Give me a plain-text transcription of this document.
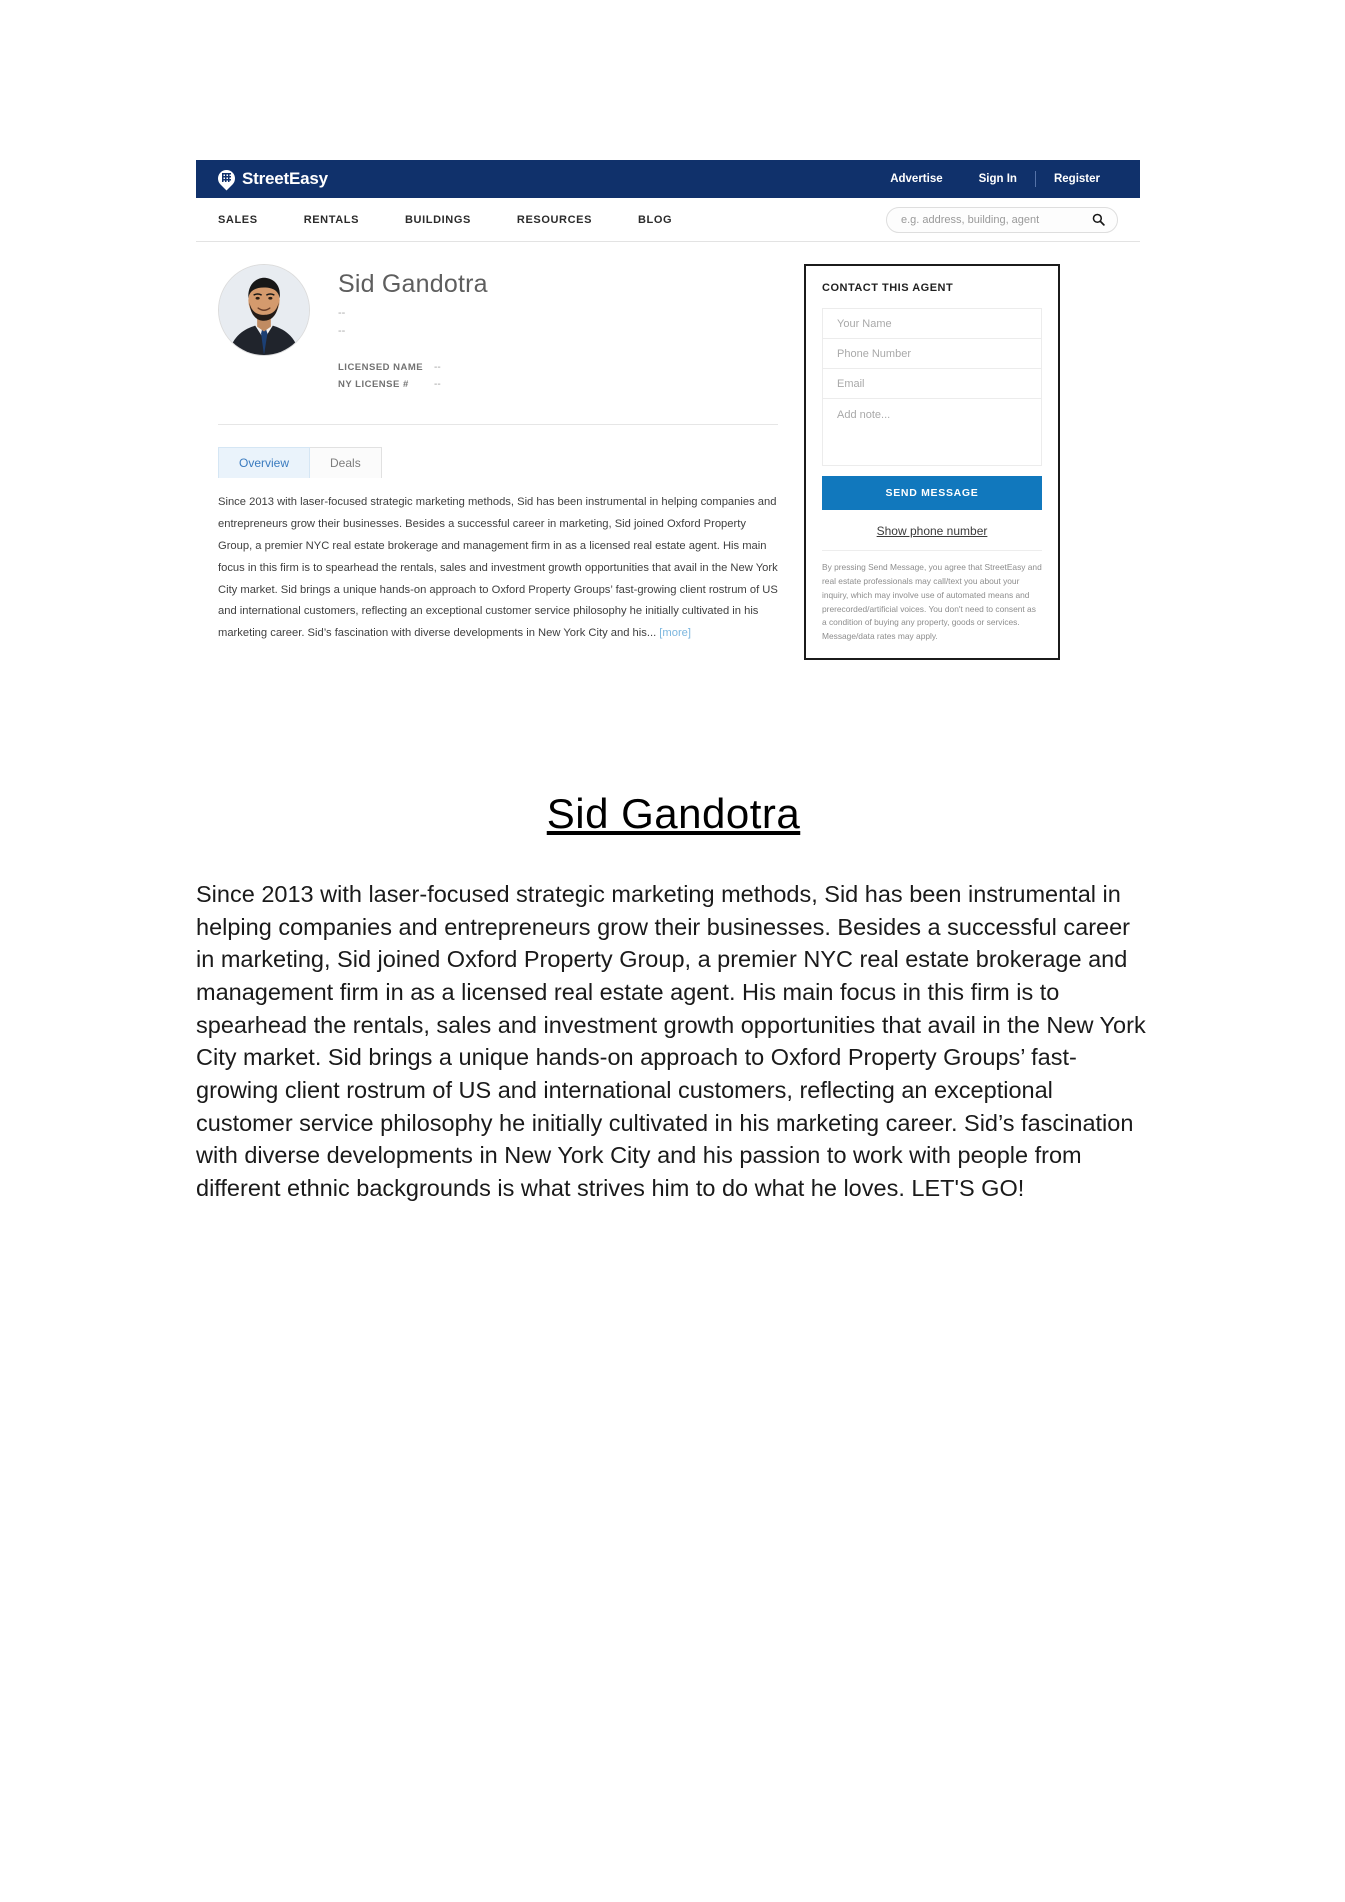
StreetEasy	Advertise	Sign In	Register
SALES	RENTALS	BUILDINGS	RESOURCES	BLOG
e.g. address, building, agent
Sid Gandotra
--
--
LICENSED NAME	--
NY LICENSE #	--
Overview	Deals

Since 2013 with laser-focused strategic marketing methods, Sid has been instrumental in helping companies and entrepreneurs grow their businesses. Besides a successful career in marketing, Sid joined Oxford Property Group, a premier NYC real estate brokerage and management firm in as a licensed real estate agent. His main focus in this firm is to spearhead the rentals, sales and investment growth opportunities that avail in the New York City market. Sid brings a unique hands-on approach to Oxford Property Groups’ fast-growing client rostrum of US and international customers, reflecting an exceptional customer service philosophy he initially cultivated in his marketing career. Sid’s fascination with diverse developments in New York City and his... [more]

CONTACT THIS AGENT
Your Name
Phone Number
Email
Add note...
SEND MESSAGE
Show phone number
By pressing Send Message, you agree that StreetEasy and real estate professionals may call/text you about your inquiry, which may involve use of automated means and prerecorded/artificial voices. You don't need to consent as a condition of buying any property, goods or services. Message/data rates may apply.
Sid Gandotra

Since 2013 with laser-focused strategic marketing methods, Sid has been instrumental in helping companies and entrepreneurs grow their businesses. Besides a successful career in marketing, Sid joined Oxford Property Group, a premier NYC real estate brokerage and management firm in as a licensed real estate agent. His main focus in this firm is to spearhead the rentals, sales and investment growth opportunities that avail in the New York City market. Sid brings a unique hands-on approach to Oxford Property Groups’ fast-growing client rostrum of US and international customers, reflecting an exceptional customer service philosophy he initially cultivated in his marketing career. Sid’s fascination with diverse developments in New York City and his passion to work with people from different ethnic backgrounds is what strives him to do what he loves. LET'S GO!
